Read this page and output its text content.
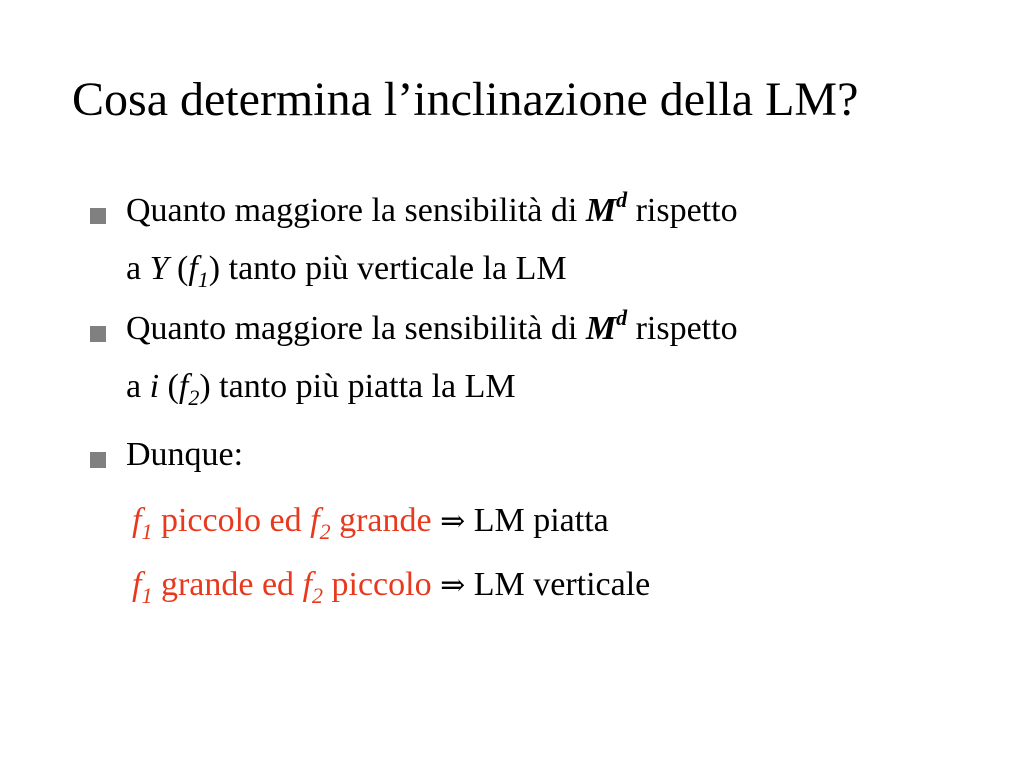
Cosa determina l’inclinazione della LM?
Quanto maggiore la sensibilità di $M^d$ rispetto
a Y $(f_1)$ tanto più verticale la LM
Quanto maggiore la sensibilità di $M^d$ rispetto
a i $(f_2)$ tanto più piatta la LM
Dunque:
$f_1$ piccolo ed $f_2$ grande ⇒ LM piatta
$f_1$ grande ed $f_2$ piccolo ⇒ LM verticale
